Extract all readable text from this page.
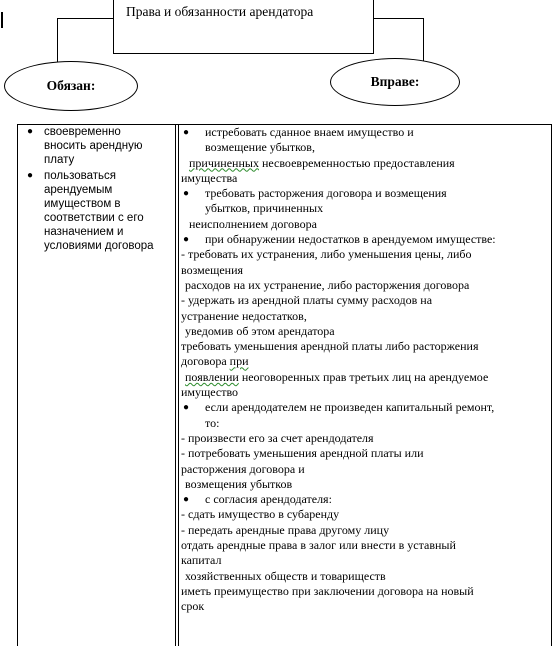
Права и обязанности арендатора
Обязан:	Вправе:
● своевременно
вносить арендную
плату
● пользоваться
арендуемым
имуществом в
соответствии с его
назначением и
условиями договора
● истребовать сданное внаем имущество и
возмещение убытков,
причиненных несвоевременностью предоставления
имущества
● требовать расторжения договора и возмещения
убытков, причиненных
неисполнением договора
● при обнаружении недостатков в арендуемом имуществе:
- требовать их устранения, либо уменьшения цены, либо
возмещения
расходов на их устранение, либо расторжения договора
- удержать из арендной платы сумму расходов на
устранение недостатков,
уведомив об этом арендатора
требовать уменьшения арендной платы либо расторжения
договора при
появлении неоговоренных прав третьих лиц на арендуемое
имущество
● если арендодателем не произведен капитальный ремонт,
то:
- произвести его за счет арендодателя
- потребовать уменьшения арендной платы или
расторжения договора и
возмещения убытков
● с согласия арендодателя:
- сдать имущество в субаренду
- передать арендные права другому лицу
отдать арендные права в залог или внести в уставный
капитал
хозяйственных обществ и товариществ
иметь преимущество при заключении договора на новый
срок
